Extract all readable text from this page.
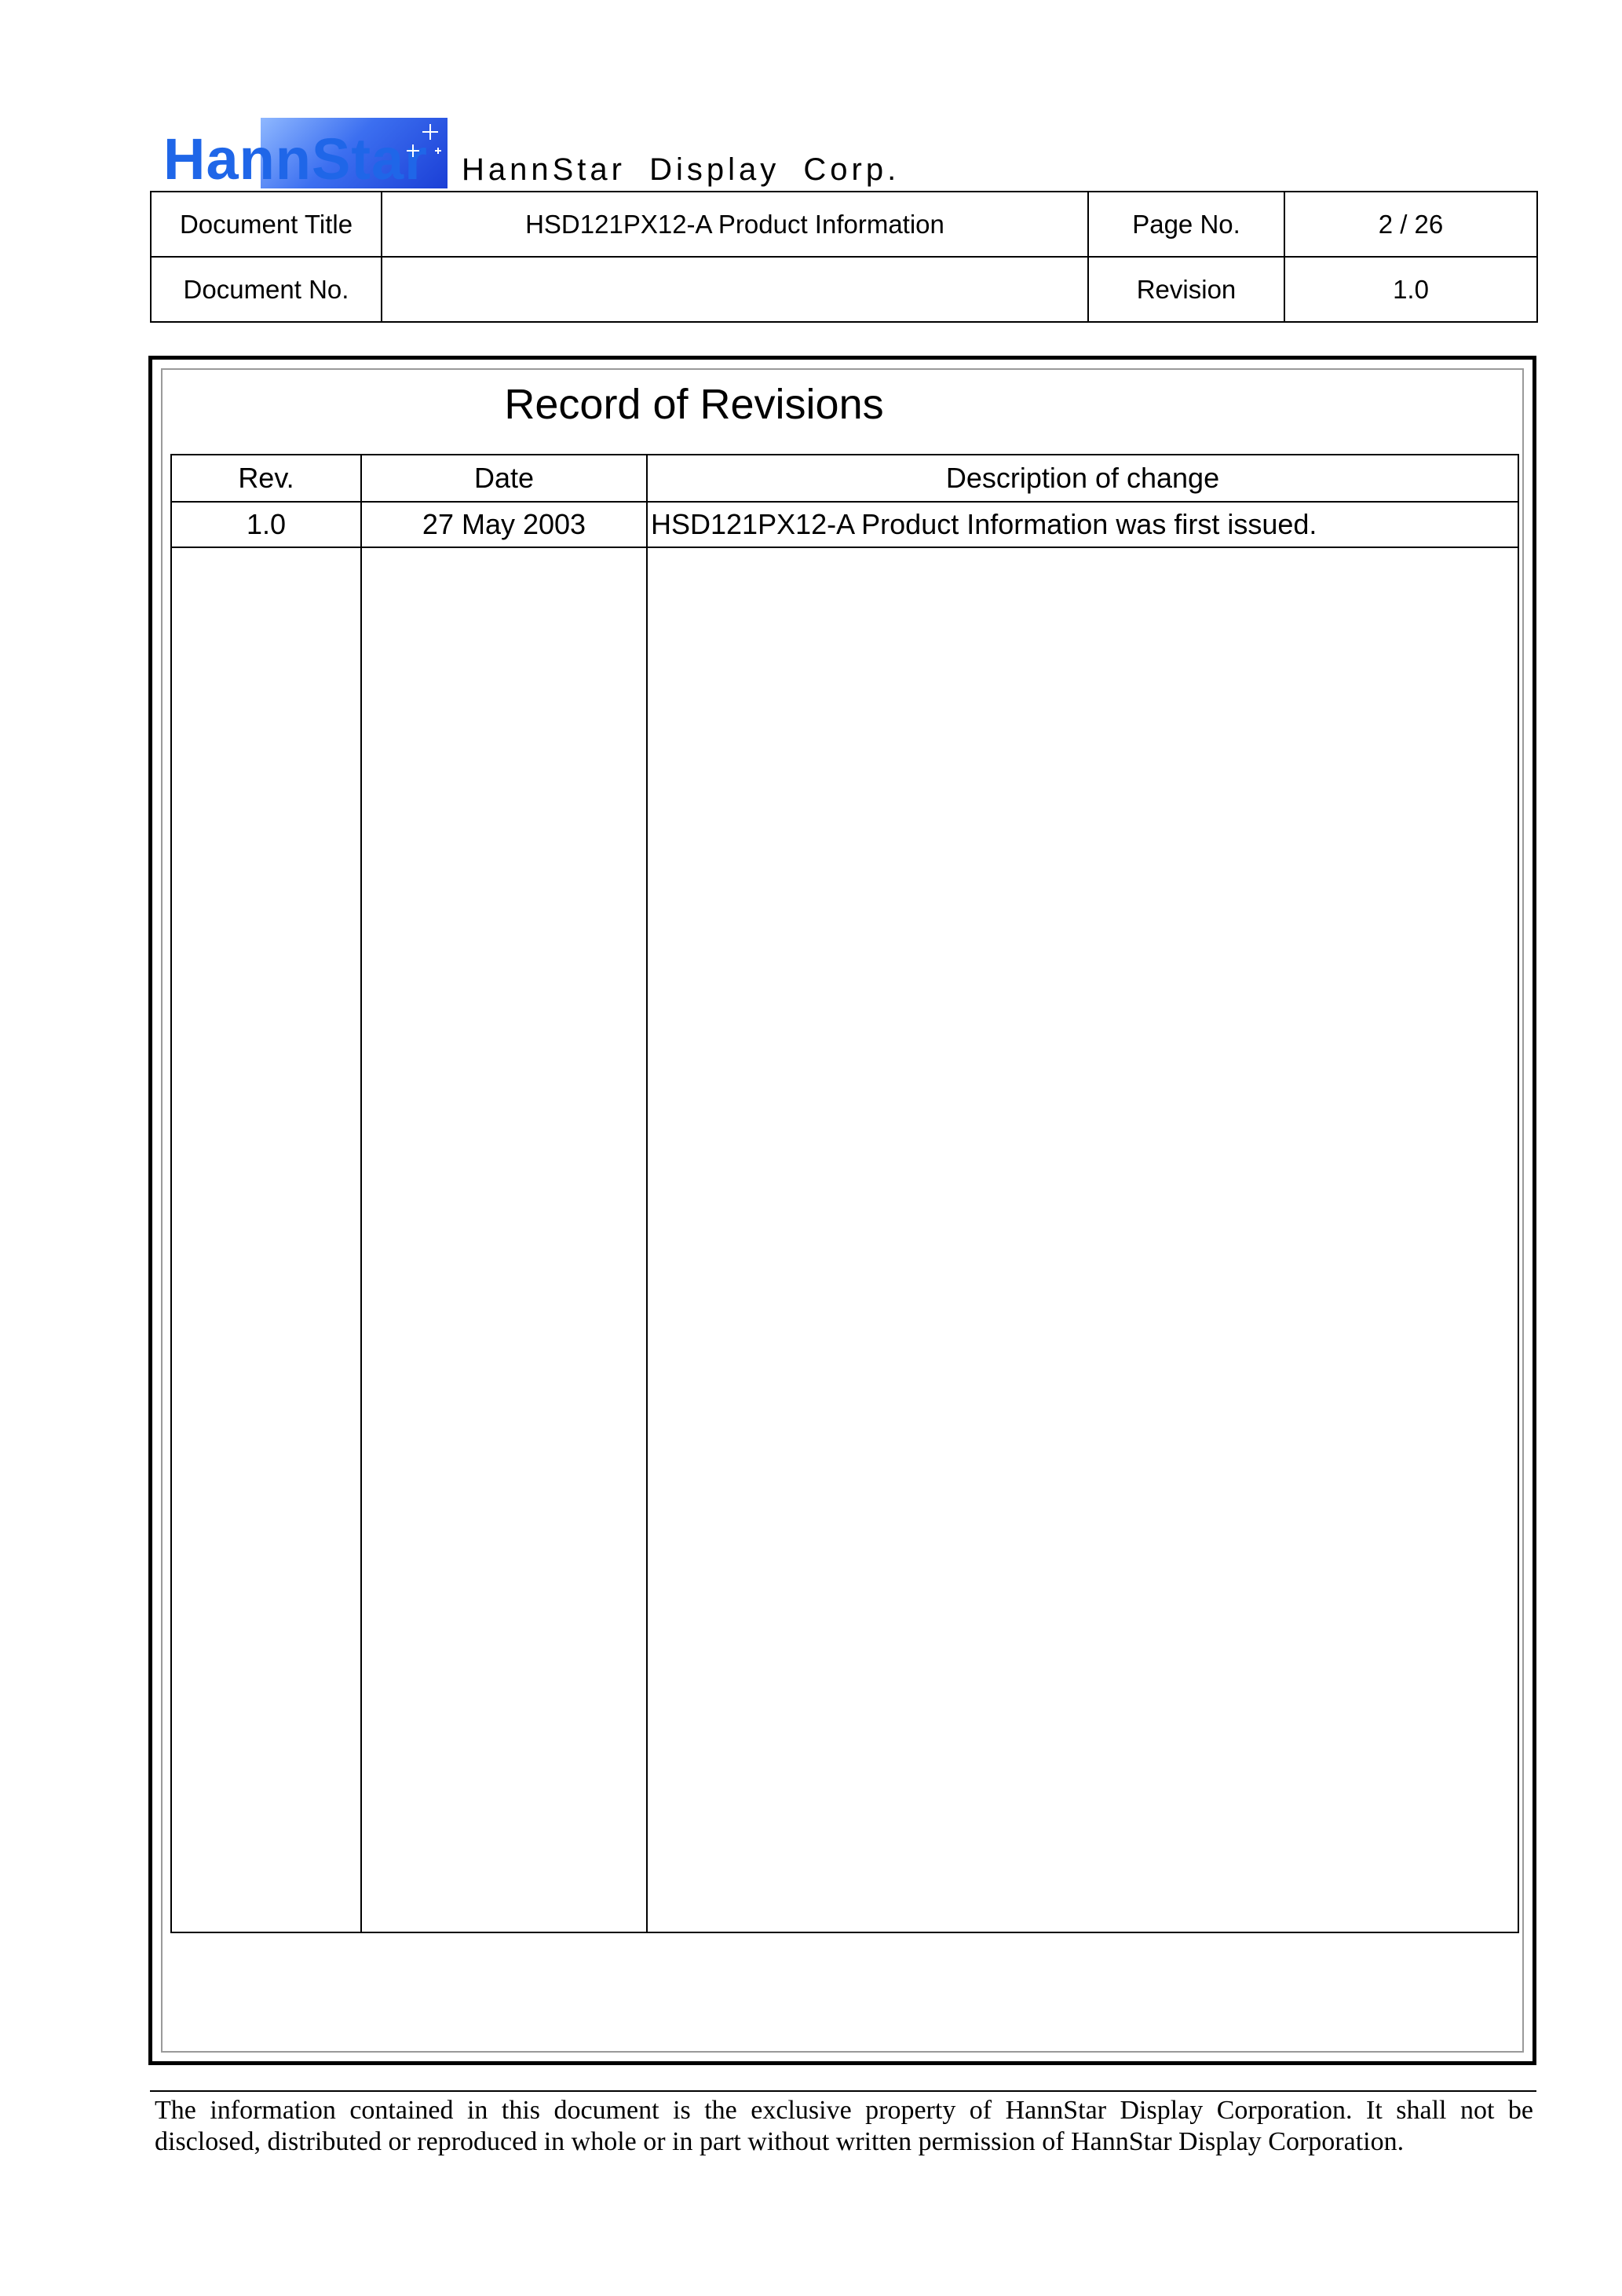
HannStar HannStar Display Corp.
Document Title	HSD121PX12-A Product Information	Page No.	2 / 26
Document No.		Revision	1.0
Record of Revisions
Rev.	Date	Description of change
1.0	27 May 2003	HSD121PX12-A Product Information was first issued.

The information contained in this document is the exclusive property of HannStar Display Corporation. It shall not be
disclosed, distributed or reproduced in whole or in part without written permission of HannStar Display Corporation.
